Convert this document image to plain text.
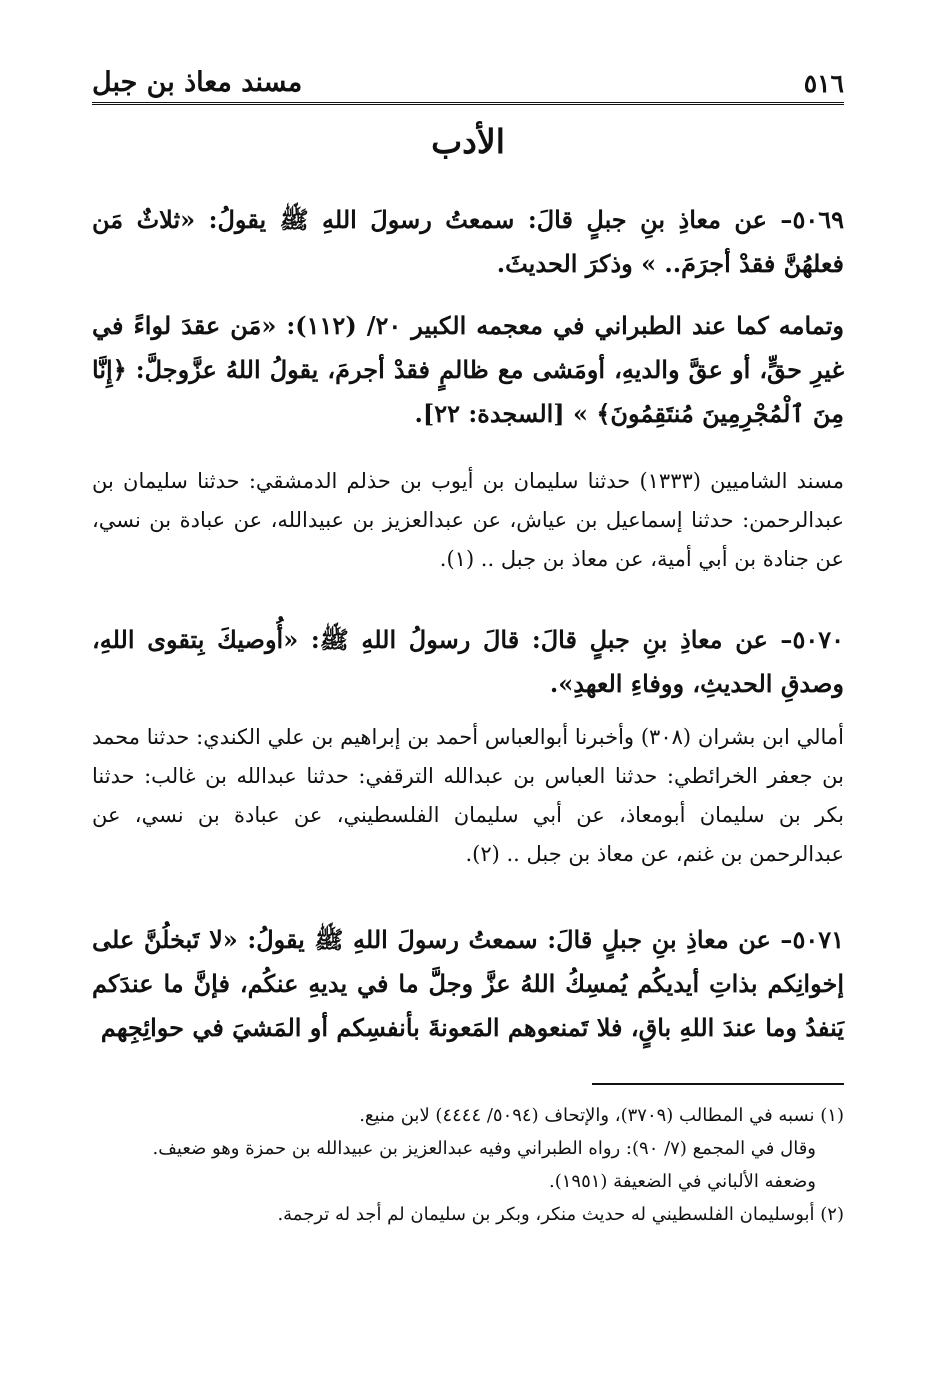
٥١٦
مسند معاذ بن جبل
الأدب
٥٠٦٩– عن معاذِ بنِ جبلٍ قالَ: سمعتُ رسولَ اللهِ ﷺ يقولُ: «ثلاثٌ مَن فعلهُنَّ فقدْ أجرَمَ.. » وذكرَ الحديثَ.
وتمامه كما عند الطبراني في معجمه الكبير ٢٠/ (١١٢): «مَن عقدَ لواءً في غيرِ حقٍّ، أو عقَّ والديهِ، أومَشى مع ظالمٍ فقدْ أجرمَ، يقولُ اللهُ عزَّوجلَّ: ﴿إِنَّا مِنَ ٱلْمُجْرِمِينَ مُنتَقِمُونَ﴾ » [السجدة: ٢٢].
مسند الشاميين (١٣٣٣) حدثنا سليمان بن أيوب بن حذلم الدمشقي: حدثنا سليمان بن عبدالرحمن: حدثنا إسماعيل بن عياش، عن عبدالعزيز بن عبيدالله، عن عبادة بن نسي، عن جنادة بن أبي أمية، عن معاذ بن جبل .. (١).
٥٠٧٠– عن معاذِ بنِ جبلٍ قالَ: قالَ رسولُ اللهِ ﷺ: «أُوصيكَ بِتقوى اللهِ، وصدقِ الحديثِ، ووفاءِ العهدِ».
أمالي ابن بشران (٣٠٨) وأخبرنا أبوالعباس أحمد بن إبراهيم بن علي الكندي: حدثنا محمد بن جعفر الخرائطي: حدثنا العباس بن عبدالله الترقفي: حدثنا عبدالله بن غالب: حدثنا بكر بن سليمان أبومعاذ، عن أبي سليمان الفلسطيني، عن عبادة بن نسي، عن عبدالرحمن بن غنم، عن معاذ بن جبل .. (٢).
٥٠٧١– عن معاذِ بنِ جبلٍ قالَ: سمعتُ رسولَ اللهِ ﷺ يقولُ: «لا تَبخلُنَّ على إخوانِكم بذاتِ أيديكُم يُمسِكُ اللهُ عزَّ وجلَّ ما في يديهِ عنكُم، فإنَّ ما عندَكم يَنفدُ وما عندَ اللهِ باقٍ، فلا تَمنعوهم المَعونةَ بأنفسِكم أو المَشيَ في حوائِجِهم
(١) نسبه في المطالب (٣٧٠٩)، والإتحاف (٥٠٩٤/ ٤٤٤٤) لابن منيع.
وقال في المجمع (٧/ ٩٠): رواه الطبراني وفيه عبدالعزيز بن عبيدالله بن حمزة وهو ضعيف.
وضعفه الألباني في الضعيفة (١٩٥١).
(٢) أبوسليمان الفلسطيني له حديث منكر، وبكر بن سليمان لم أجد له ترجمة.
